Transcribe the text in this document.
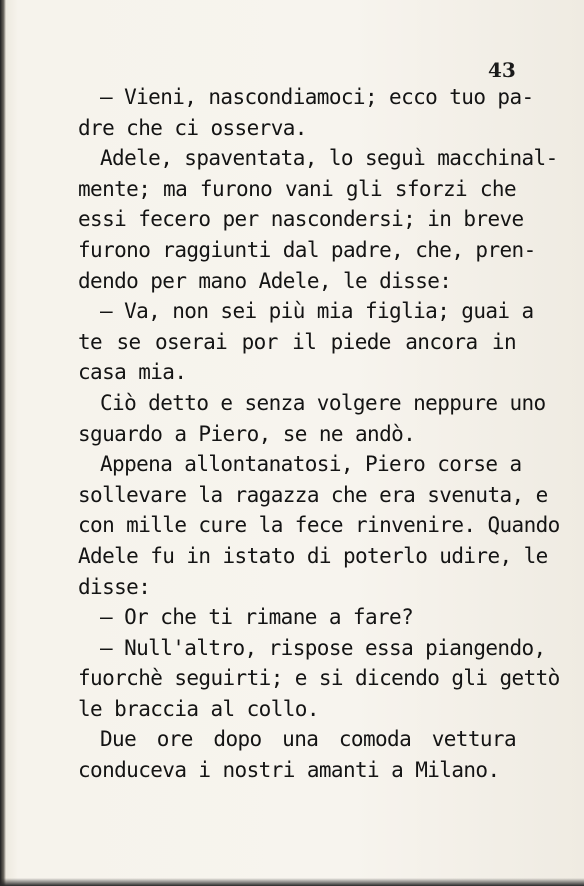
43
— Vieni, nascondiamoci; ecco tuo pa-
dre che ci osserva.
Adele, spaventata, lo seguì macchinal-
mente; ma furono vani gli sforzi che
essi fecero per nascondersi; in breve
furono raggiunti dal padre, che, pren-
dendo per mano Adele, le disse:
— Va, non sei più mia figlia; guai a
te se oserai por il piede ancora in
casa mia.
Ciò detto e senza volgere neppure uno
sguardo a Piero, se ne andò.
Appena allontanatosi, Piero corse a
sollevare la ragazza che era svenuta, e
con mille cure la fece rinvenire. Quando
Adele fu in istato di poterlo udire, le
disse:
— Or che ti rimane a fare?
— Null'altro, rispose essa piangendo,
fuorchè seguirti; e si dicendo gli gettò
le braccia al collo.
Due ore dopo una comoda vettura
conduceva i nostri amanti a Milano.
